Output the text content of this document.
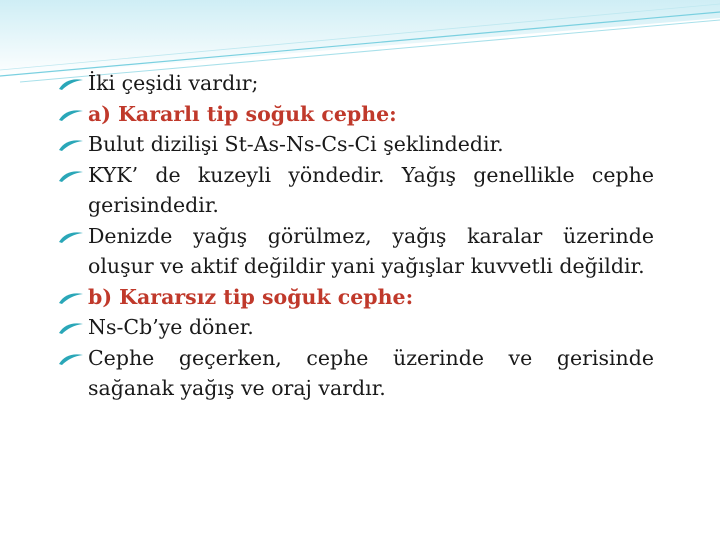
İki çeşidi vardır;

a) Kararlı tip soğuk cephe:

Bulut dizilişi St-As-Ns-Cs-Ci şeklindedir.

KYK’ de kuzeyli yöndedir. Yağış genellikle cephe

gerisindedir.

Denizde yağış görülmez, yağış karalar üzerinde

oluşur ve aktif değildir yani yağışlar kuvvetli değildir.

b) Kararsız tip soğuk cephe:

Ns-Cb’ye döner.

Cephe geçerken, cephe üzerinde ve gerisinde

sağanak yağış ve oraj vardır.
